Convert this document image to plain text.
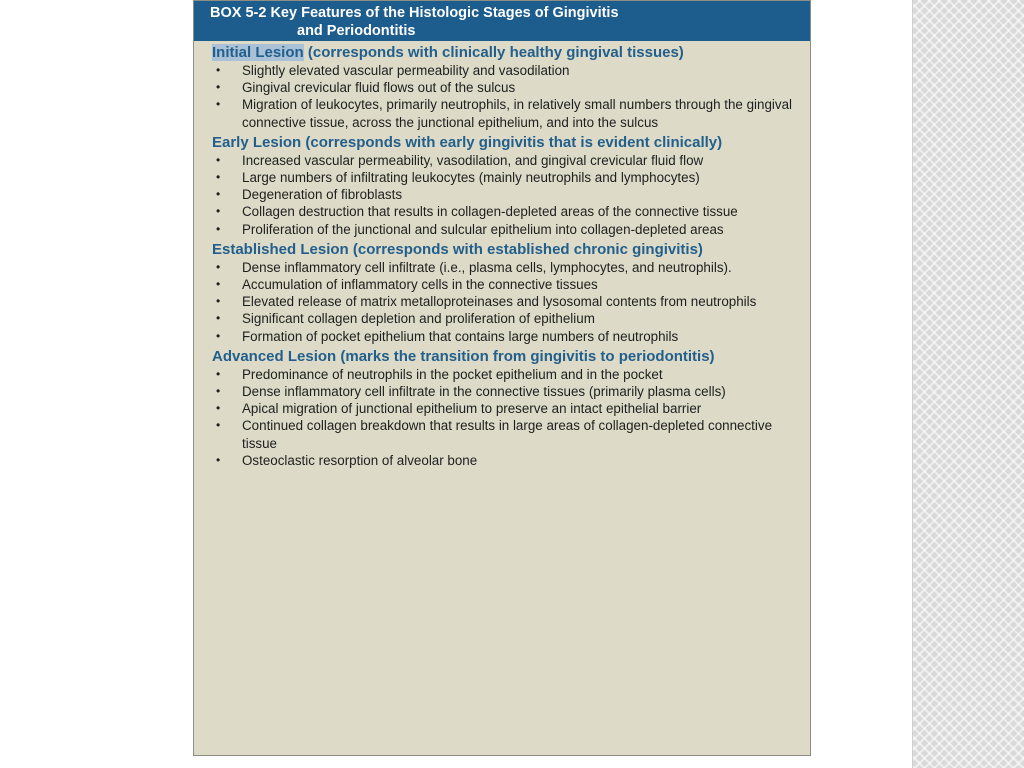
BOX 5-2 Key Features of the Histologic Stages of Gingivitis
and Periodontitis
Initial Lesion (corresponds with clinically healthy gingival tissues)
• Slightly elevated vascular permeability and vasodilation
• Gingival crevicular fluid flows out of the sulcus
• Migration of leukocytes, primarily neutrophils, in relatively small numbers through the gingival connective tissue, across the junctional epithelium, and into the sulcus
Early Lesion (corresponds with early gingivitis that is evident clinically)
• Increased vascular permeability, vasodilation, and gingival crevicular fluid flow
• Large numbers of infiltrating leukocytes (mainly neutrophils and lymphocytes)
• Degeneration of fibroblasts
• Collagen destruction that results in collagen-depleted areas of the connective tissue
• Proliferation of the junctional and sulcular epithelium into collagen-depleted areas
Established Lesion (corresponds with established chronic gingivitis)
• Dense inflammatory cell infiltrate (i.e., plasma cells, lymphocytes, and neutrophils).
• Accumulation of inflammatory cells in the connective tissues
• Elevated release of matrix metalloproteinases and lysosomal contents from neutrophils
• Significant collagen depletion and proliferation of epithelium
• Formation of pocket epithelium that contains large numbers of neutrophils
Advanced Lesion (marks the transition from gingivitis to periodontitis)
• Predominance of neutrophils in the pocket epithelium and in the pocket
• Dense inflammatory cell infiltrate in the connective tissues (primarily plasma cells)
• Apical migration of junctional epithelium to preserve an intact epithelial barrier
• Continued collagen breakdown that results in large areas of collagen-depleted connective tissue
• Osteoclastic resorption of alveolar bone
